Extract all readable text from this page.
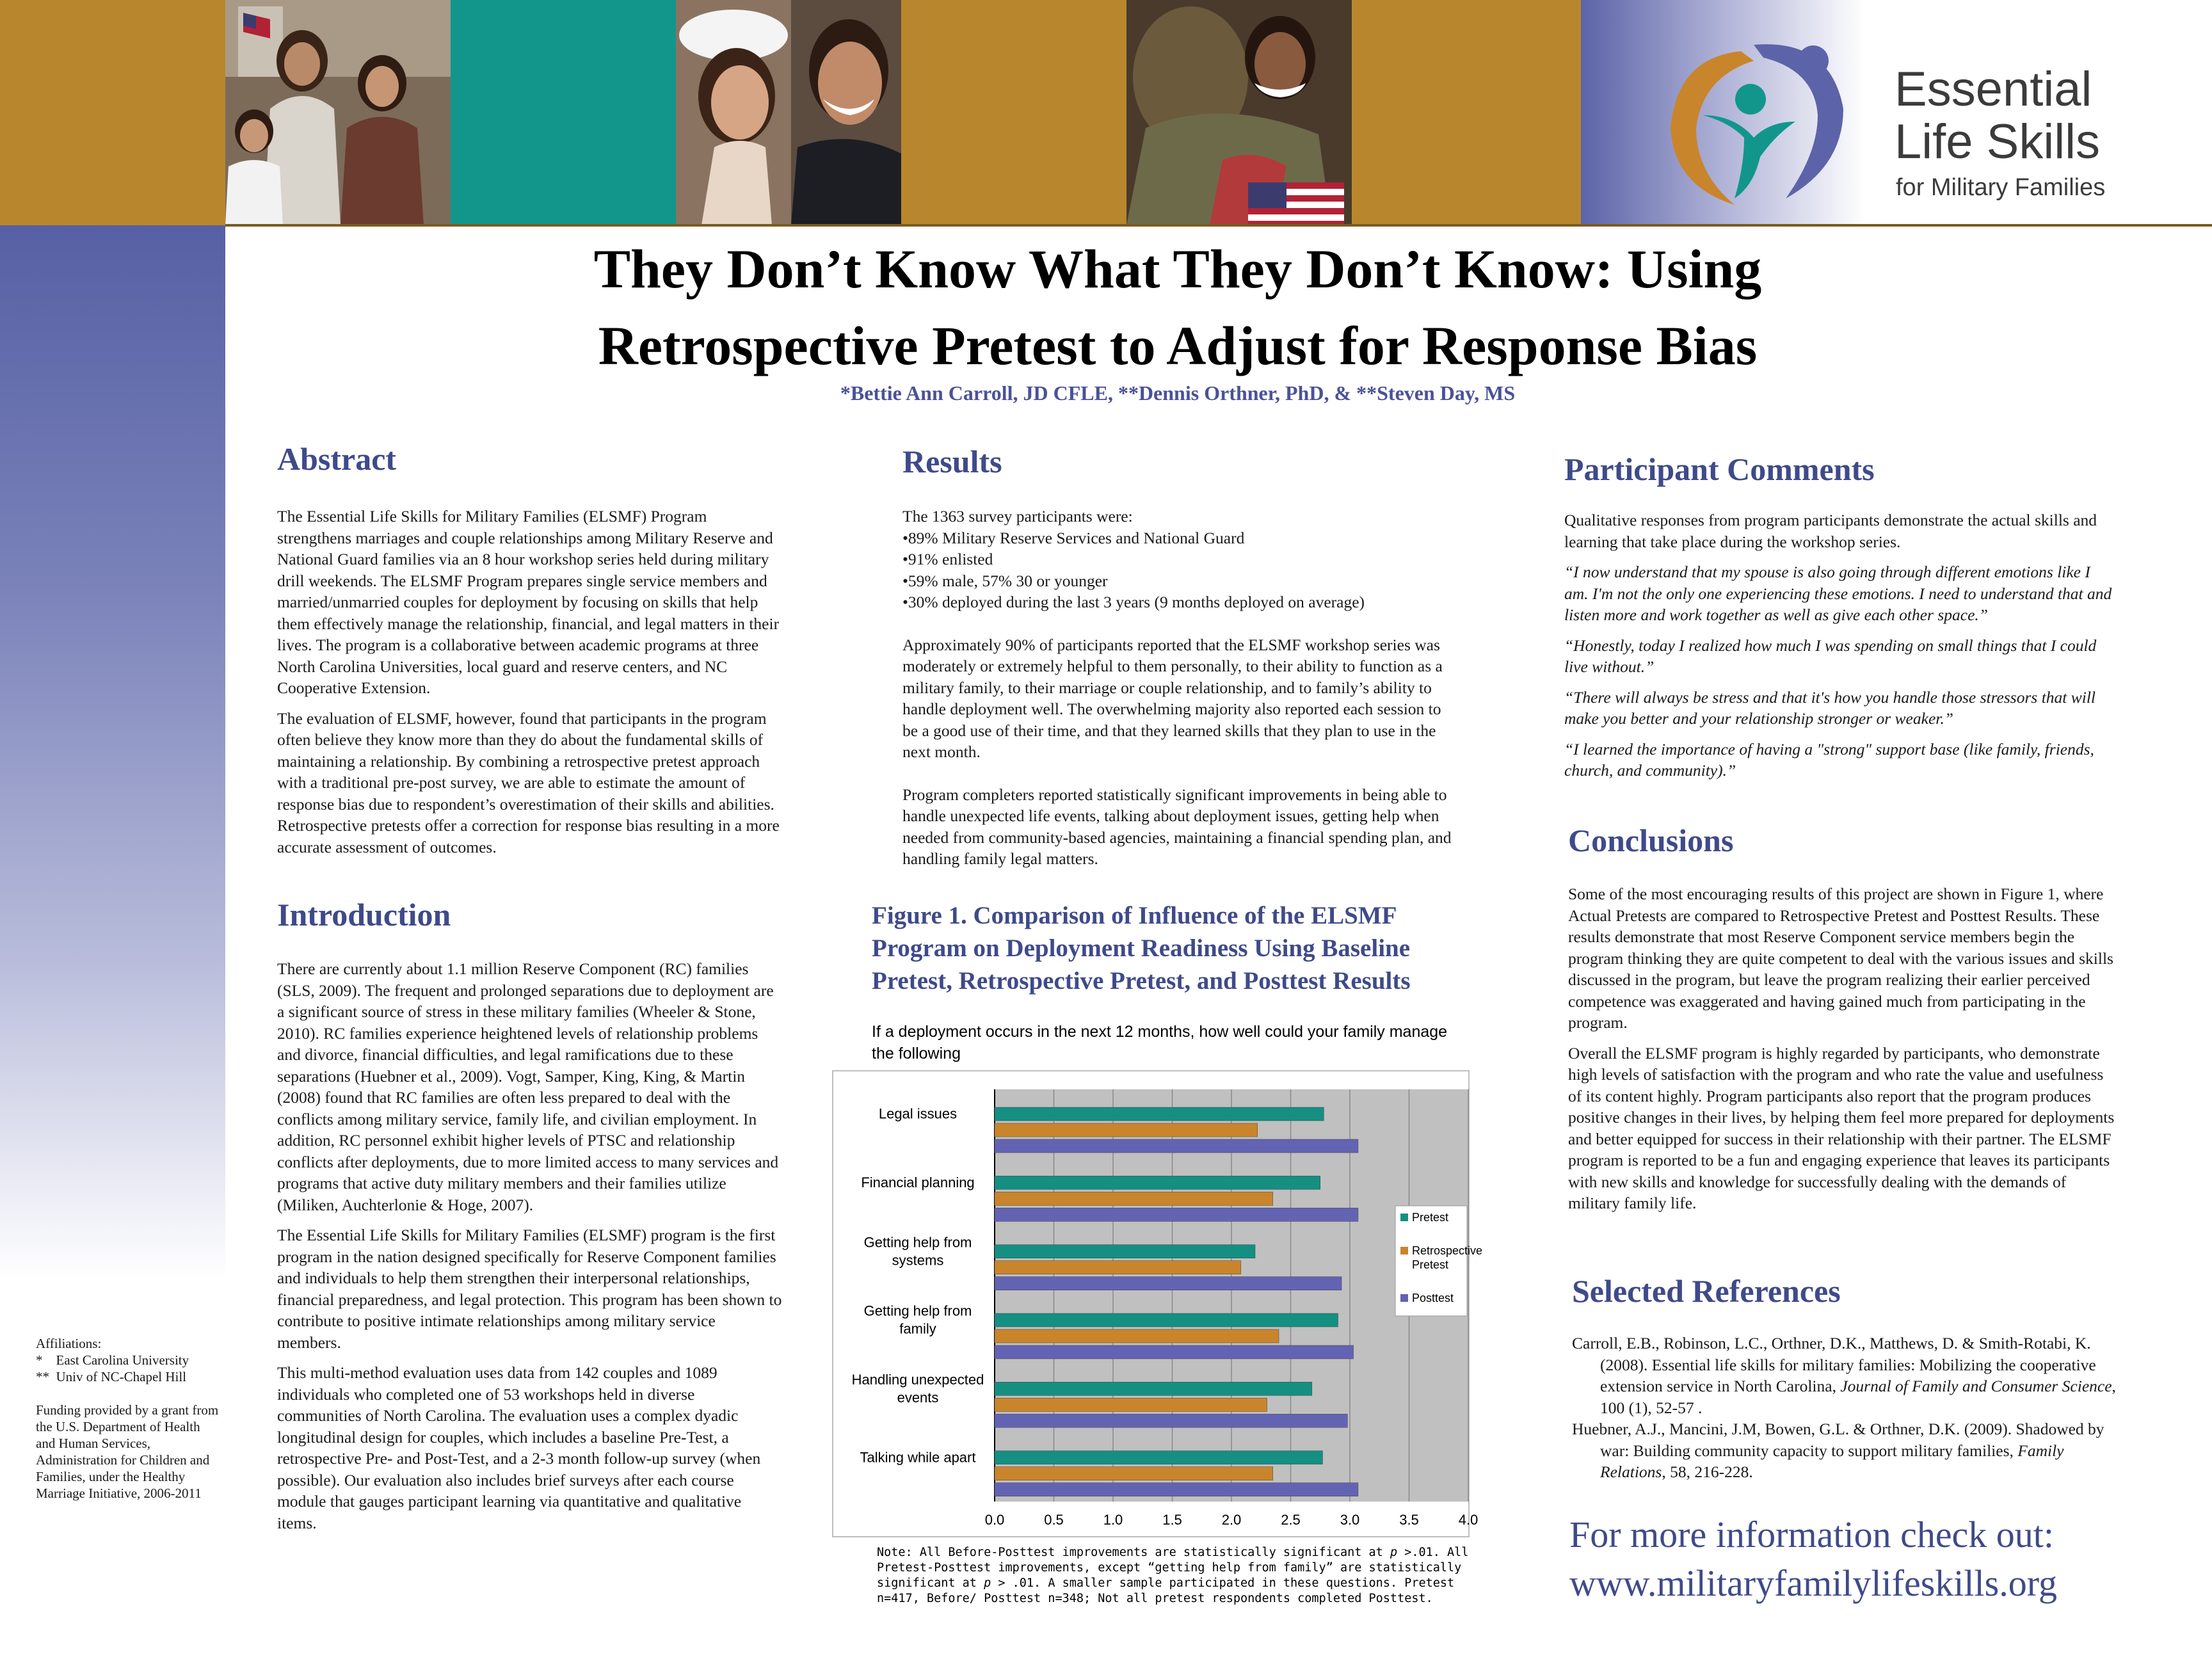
Essential
Life Skills
for Military Families
They Don’t Know What They Don’t Know: Using
Retrospective Pretest to Adjust for Response Bias
*Bettie Ann Carroll, JD CFLE, **Dennis Orthner, PhD, & **Steven Day, MS
Abstract

The Essential Life Skills for Military Families (ELSMF) Program strengthens marriages and couple relationships among Military Reserve and National Guard families via an 8 hour workshop series held during military drill weekends. The ELSMF Program prepares single service members and married/unmarried couples for deployment by focusing on skills that help them effectively manage the relationship, financial, and legal matters in their lives. The program is a collaborative between academic programs at three North Carolina Universities, local guard and reserve centers, and NC Cooperative Extension.

The evaluation of ELSMF, however, found that participants in the program often believe they know more than they do about the fundamental skills of maintaining a relationship. By combining a retrospective pretest approach with a traditional pre-post survey, we are able to estimate the amount of response bias due to respondent’s overestimation of their skills and abilities. Retrospective pretests offer a correction for response bias resulting in a more accurate assessment of outcomes.

Introduction

There are currently about 1.1 million Reserve Component (RC) families (SLS, 2009). The frequent and prolonged separations due to deployment are a significant source of stress in these military families (Wheeler & Stone, 2010). RC families experience heightened levels of relationship problems and divorce, financial difficulties, and legal ramifications due to these separations (Huebner et al., 2009). Vogt, Samper, King, King, & Martin (2008) found that RC families are often less prepared to deal with the conflicts among military service, family life, and civilian employment. In addition, RC personnel exhibit higher levels of PTSC and relationship conflicts after deployments, due to more limited access to many services and programs that active duty military members and their families utilize (Miliken, Auchterlonie & Hoge, 2007).

The Essential Life Skills for Military Families (ELSMF) program is the first program in the nation designed specifically for Reserve Component families and individuals to help them strengthen their interpersonal relationships, financial preparedness, and legal protection. This program has been shown to contribute to positive intimate relationships among military service members.

This multi-method evaluation uses data from 142 couples and 1089 individuals who completed one of 53 workshops held in diverse communities of North Carolina. The evaluation uses a complex dyadic longitudinal design for couples, which includes a baseline Pre-Test, a retrospective Pre- and Post-Test, and a 2-3 month follow-up survey (when possible). Our evaluation also includes brief surveys after each course module that gauges participant learning via quantitative and qualitative items.

Affiliations:
*    East Carolina University
**  Univ of NC-Chapel Hill
Funding provided by a grant from the U.S. Department of Health and Human Services, Administration for Children and Families, under the Healthy Marriage Initiative, 2006-2011
Results
The 1363 survey participants were:
•89% Military Reserve Services and National Guard
•91% enlisted
•59% male, 57% 30 or younger
•30% deployed during the last 3 years (9 months deployed on average)

Approximately 90% of participants reported that the ELSMF workshop series was moderately or extremely helpful to them personally, to their ability to function as a military family, to their marriage or couple relationship, and to family’s ability to handle deployment well. The overwhelming majority also reported each session to be a good use of their time, and that they learned skills that they plan to use in the next month.

Program completers reported statistically significant improvements in being able to handle unexpected life events, talking about deployment issues, getting help when needed from community-based agencies, maintaining a financial spending plan, and handling family legal matters.

Figure 1. Comparison of Influence of the ELSMF Program on Deployment Readiness Using Baseline Pretest, Retrospective Pretest, and Posttest Results
If a deployment occurs in the next 12 months, how well could your family manage the following
Legal issues
Financial planning
Getting help from
systems
Getting help from
family
Handling unexpected
events
Talking while apart
0.0	0.5	1.0	1.5	2.0	2.5	3.0	3.5	4.0
Pretest
Retrospective
Pretest
Posttest
Note: All Before-Posttest improvements are statistically significant at p >.01. All Pretest-Posttest improvements, except “getting help from family” are statistically significant at p > .01. A smaller sample participated in these questions. Pretest n=417, Before/ Posttest n=348; Not all pretest respondents completed Posttest.
Participant Comments

Qualitative responses from program participants demonstrate the actual skills and learning that take place during the workshop series.

“I now understand that my spouse is also going through different emotions like I am. I'm not the only one experiencing these emotions. I need to understand that and listen more and work together as well as give each other space.”

“Honestly, today I realized how much I was spending on small things that I could live without.”

“There will always be stress and that it's how you handle those stressors that will make you better and your relationship stronger or weaker.”

“I learned the importance of having a "strong" support base (like family, friends, church, and community).”

Conclusions

Some of the most encouraging results of this project are shown in Figure 1, where Actual Pretests are compared to Retrospective Pretest and Posttest Results. These results demonstrate that most Reserve Component service members begin the program thinking they are quite competent to deal with the various issues and skills discussed in the program, but leave the program realizing their earlier perceived competence was exaggerated and having gained much from participating in the program.

Overall the ELSMF program is highly regarded by participants, who demonstrate high levels of satisfaction with the program and who rate the value and usefulness of its content highly. Program participants also report that the program produces positive changes in their lives, by helping them feel more prepared for deployments and better equipped for success in their relationship with their partner. The ELSMF program is reported to be a fun and engaging experience that leaves its participants with new skills and knowledge for successfully dealing with the demands of military family life.

Selected References
Carroll, E.B., Robinson, L.C., Orthner, D.K., Matthews, D. & Smith-Rotabi, K. (2008). Essential life skills for military families: Mobilizing the cooperative extension service in North Carolina, Journal of Family and Consumer Science, 100 (1), 52-57 .
Huebner, A.J., Mancini, J.M, Bowen, G.L. & Orthner, D.K. (2009). Shadowed by war: Building community capacity to support military families, Family Relations, 58, 216-228.
For more information check out:
www.militaryfamilylifeskills.org
